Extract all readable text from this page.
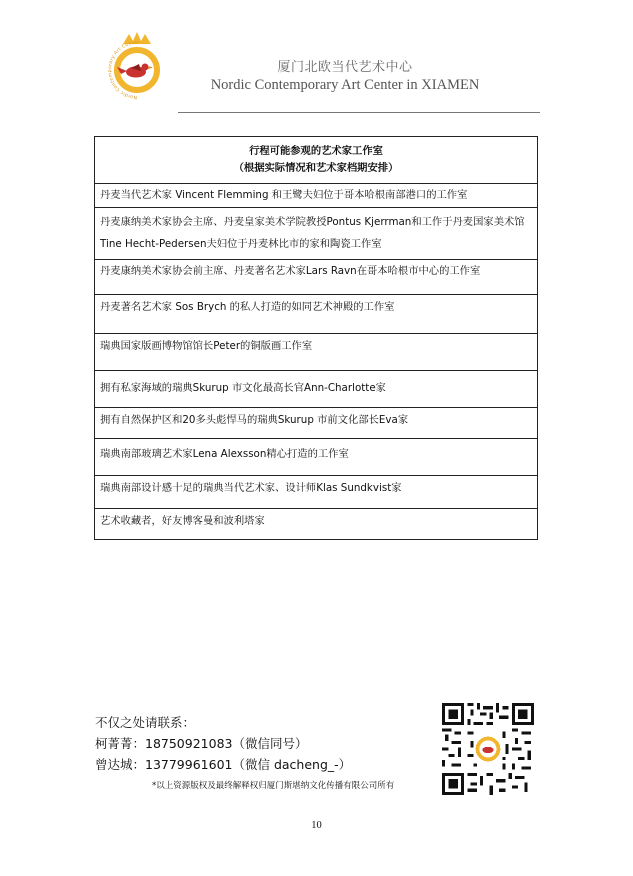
Nordic Contemporary Art Center
厦门北欧当代艺术中心
Nordic Contemporary Art Center in XIAMEN
行程可能参观的艺术家工作室
（根据实际情况和艺术家档期安排）
丹麦当代艺术家 Vincent Flemming 和王鹭夫妇位于哥本哈根南部港口的工作室
丹麦康纳美术家协会主席、丹麦皇家美术学院教授Pontus Kjerrman和工作于丹麦国家美术馆Tine Hecht-Pedersen夫妇位于丹麦林比市的家和陶瓷工作室
丹麦康纳美术家协会前主席、丹麦著名艺术家Lars Ravn在哥本哈根市中心的工作室
丹麦著名艺术家 Sos Brych 的私人打造的如同艺术神殿的工作室
瑞典国家版画博物馆馆长Peter的铜版画工作室
拥有私家海域的瑞典Skurup 市文化最高长官Ann-Charlotte家
拥有自然保护区和20多头彪悍马的瑞典Skurup 市前文化部长Eva家
瑞典南部玻璃艺术家Lena Alexsson精心打造的工作室
瑞典南部设计感十足的瑞典当代艺术家、设计师Klas Sundkvist家
艺术收藏者，好友博客曼和波利塔家
不仅之处请联系：
柯菁菁：18750921083（微信同号）
曾达城：13779961601（微信 dacheng_-）
*以上资源版权及最终解释权归厦门斯堪纳文化传播有限公司所有
10
